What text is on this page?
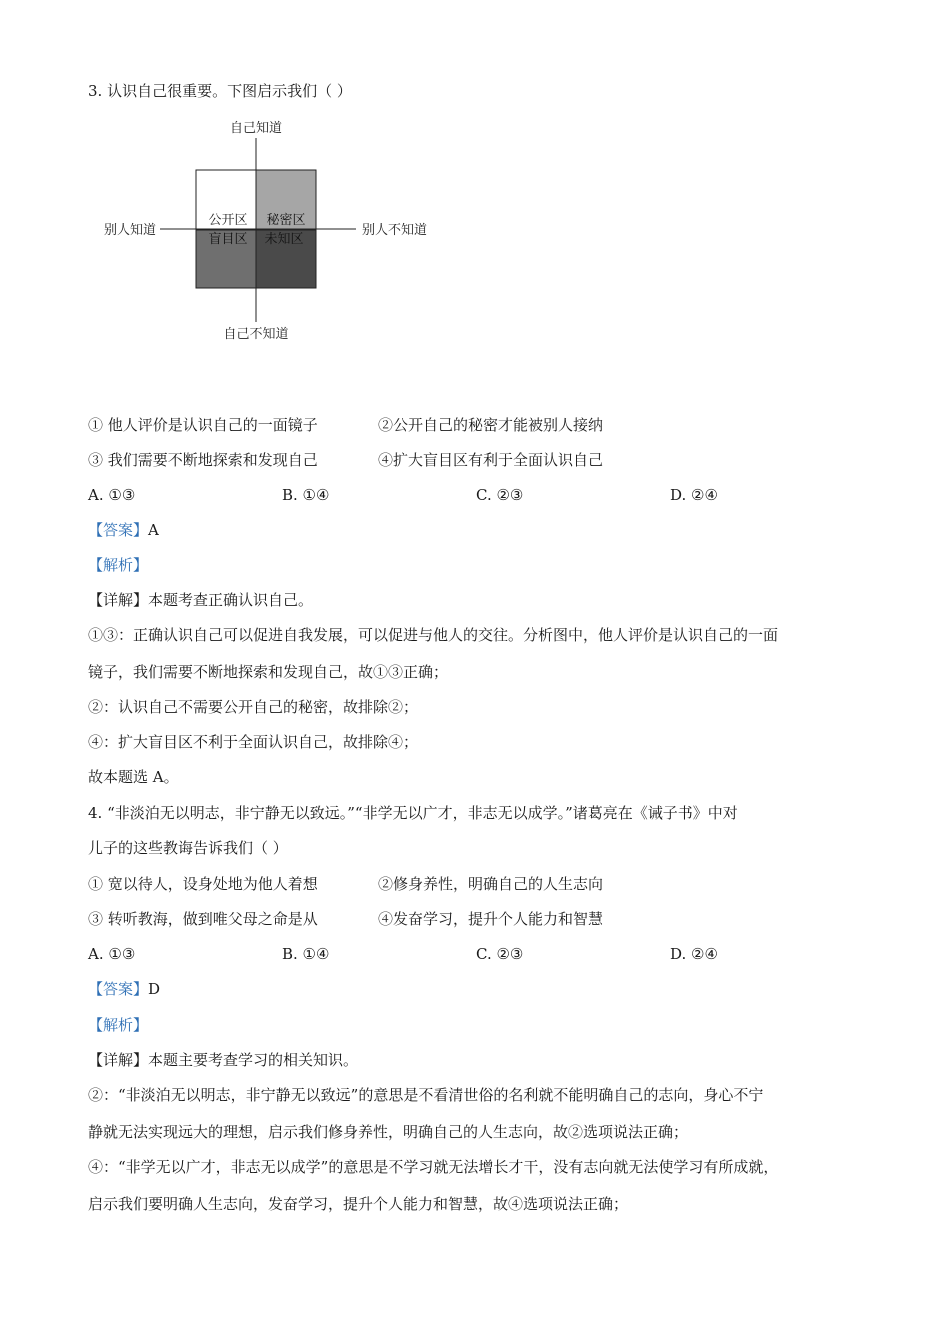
3. 认识自己很重要。下图启示我们（ ）
自己知道
自己不知道
别人知道	别人不知道
公开区 秘密区
盲目区 未知区
① 他人评价是认识自己的一面镜子	②公开自己的秘密才能被别人接纳
③ 我们需要不断地探索和发现自己	④扩大盲目区有利于全面认识自己
A. ①③	B. ①④	C. ②③	D. ②④
【答案】A
【解析】
【详解】本题考查正确认识自己。
①③：正确认识自己可以促进自我发展，可以促进与他人的交往。分析图中，他人评价是认识自己的一面
镜子，我们需要不断地探索和发现自己，故①③正确；
②：认识自己不需要公开自己的秘密，故排除②；
④：扩大盲目区不利于全面认识自己，故排除④；
故本题选 A。
4. “非淡泊无以明志，非宁静无以致远。”“非学无以广才，非志无以成学。”诸葛亮在《诫子书》中对
儿子的这些教诲告诉我们（ ）
① 宽以待人，设身处地为他人着想	②修身养性，明确自己的人生志向
③ 转听教海，做到唯父母之命是从	④发奋学习，提升个人能力和智慧
A. ①③	B. ①④	C. ②③	D. ②④
【答案】D
【解析】
【详解】本题主要考查学习的相关知识。
②：“非淡泊无以明志，非宁静无以致远”的意思是不看清世俗的名利就不能明确自己的志向，身心不宁
静就无法实现远大的理想，启示我们修身养性，明确自己的人生志向，故②选项说法正确；
④：“非学无以广才，非志无以成学”的意思是不学习就无法增长才干，没有志向就无法使学习有所成就，
启示我们要明确人生志向，发奋学习，提升个人能力和智慧，故④选项说法正确；
